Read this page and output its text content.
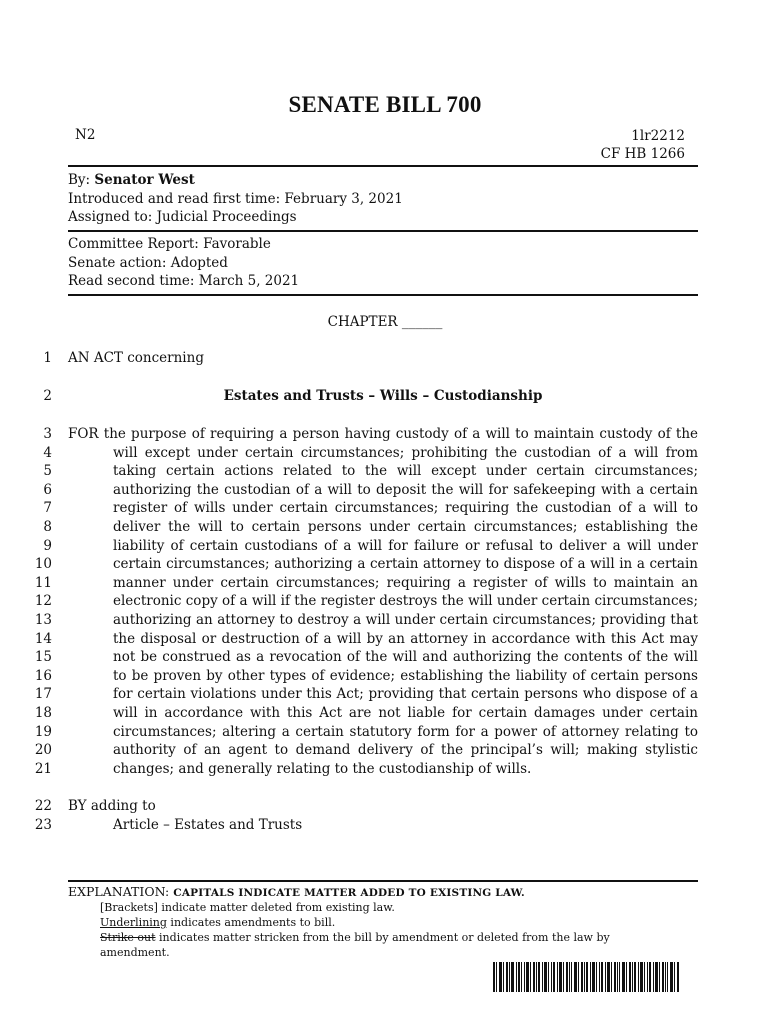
SENATE BILL 700
N2	1lr2212
CF HB 1266
By: Senator West
Introduced and read first time: February 3, 2021
Assigned to: Judicial Proceedings
Committee Report: Favorable
Senate action: Adopted
Read second time: March 5, 2021
CHAPTER ______
1 AN ACT concerning
2	Estates and Trusts – Wills – Custodianship
3 FOR the purpose of requiring a person having custody of a will to maintain custody of the
4	will except under certain circumstances; prohibiting the custodian of a will from
5	taking certain actions related to the will except under certain circumstances;
6	authorizing the custodian of a will to deposit the will for safekeeping with a certain
7	register of wills under certain circumstances; requiring the custodian of a will to
8	deliver the will to certain persons under certain circumstances; establishing the
9	liability of certain custodians of a will for failure or refusal to deliver a will under
10	certain circumstances; authorizing a certain attorney to dispose of a will in a certain
11	manner under certain circumstances; requiring a register of wills to maintain an
12	electronic copy of a will if the register destroys the will under certain circumstances;
13	authorizing an attorney to destroy a will under certain circumstances; providing that
14	the disposal or destruction of a will by an attorney in accordance with this Act may
15	not be construed as a revocation of the will and authorizing the contents of the will
16	to be proven by other types of evidence; establishing the liability of certain persons
17	for certain violations under this Act; providing that certain persons who dispose of a
18	will in accordance with this Act are not liable for certain damages under certain
19	circumstances; altering a certain statutory form for a power of attorney relating to
20	authority of an agent to demand delivery of the principal’s will; making stylistic
21	changes; and generally relating to the custodianship of wills.
22 BY adding to
23	Article – Estates and Trusts
EXPLANATION: CAPITALS INDICATE MATTER ADDED TO EXISTING LAW.
[Brackets] indicate matter deleted from existing law.
Underlining indicates amendments to bill.
Strike out indicates matter stricken from the bill by amendment or deleted from the law by
amendment.
